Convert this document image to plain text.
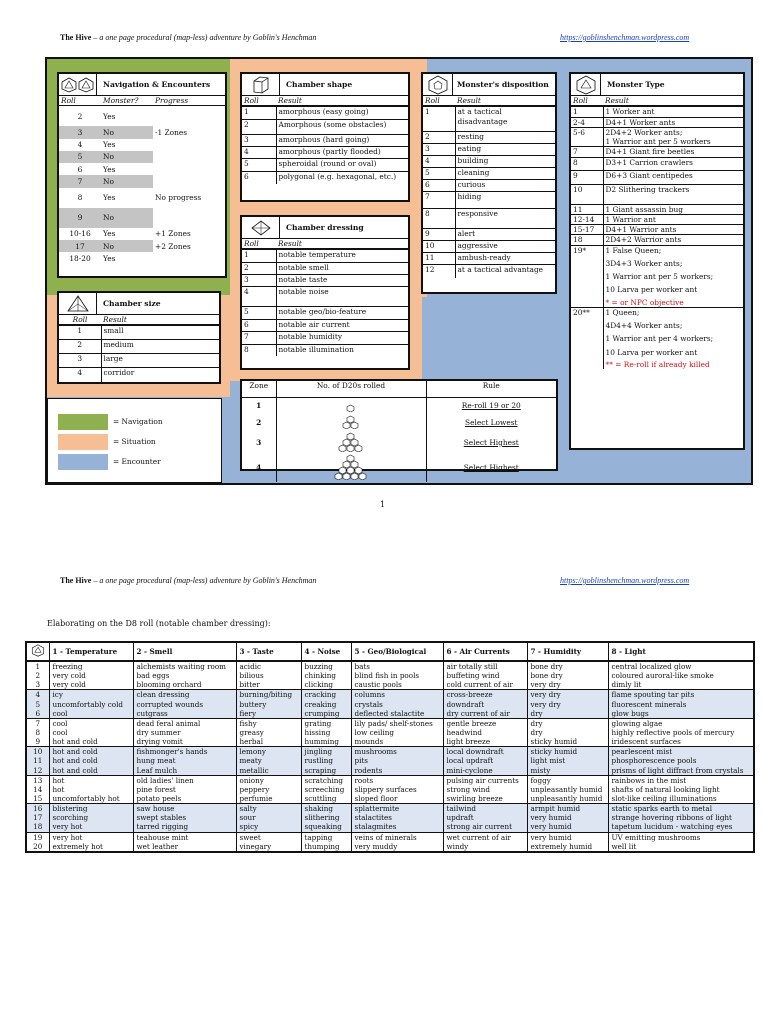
The Hive – a one page procedural (map-less) adventure by Goblin's Henchman	https://goblinshenchman.wordpress.com
Navigation & Encounters
Roll	Monster?	Progress
2	Yes	
3	No	-1 Zones
4	Yes	
5	No	
6	Yes	
7	No	
8	Yes	No progress
9	No	
10-16	Yes	+1 Zones
17	No	+2 Zones
18-20	Yes	
Chamber size
Roll	Result
1	small
2	medium
3	large
4	corridor
= Navigation
= Situation
= Encounter
Chamber shape
Roll	Result
1	amorphous (easy going)
2	Amorphous (some obstacles)
3	amorphous (hard going)
4	amorphous (partly flooded)
5	spheroidal (round or oval)
6	polygonal (e.g. hexagonal, etc.)
Chamber dressing
Roll	Result
1	notable temperature
2	notable smell
3	notable taste
4	notable noise
5	notable geo/bio-feature
6	notable air current
7	notable humidity
8	notable illumination
Zone	No. of D20s rolled	Rule
1		Re-roll 19 or 20
2		Select Lowest
3		Select Highest
4		Select Highest
Monster's disposition
Roll	Result
1	at a tactical disadvantage
2	resting
3	eating
4	building
5	cleaning
6	curious
7	hiding
8	responsive
9	alert
10	aggressive
11	ambush-ready
12	at a tactical advantage
Monster Type
Roll	Result
1	1 Worker ant

2-4	D4+1 Worker ants

5-6	2D4+2 Worker ants;
1 Warrior ant per 5 workers

7	D4+1 Giant fire beetles

8	D3+1 Carrion crawlers

9	D6+3 Giant centipedes

10	D2 Slithering trackers

11	1 Giant assassin bug

12-14	1 Warrior ant

15-17	D4+1 Warrior ants

18	2D4+2 Warrior ants

19*	1 False Queen;
3D4+3 Worker ants;
1 Warrior ant per 5 workers;
10 Larva per worker ant
* = or NPC objective

20**	1 Queen;
4D4+4 Worker ants;
1 Warrior ant per 4 workers;
10 Larva per worker ant
** = Re-roll if already killed
1
The Hive – a one page procedural (map-less) adventure by Goblin's Henchman	https://goblinshenchman.wordpress.com
Elaborating on the D8 roll (notable chamber dressing):
	1 - Temperature	2 - Smell	3 - Taste	4 - Noise	5 - Geo/Biological	6 - Air Currents	7 - Humidity	8 - Light
1	freezing	alchemists waiting room	acidic	buzzing	bats	air totally still	bone dry	central localized glow
2	very cold	bad eggs	bilious	chinking	blind fish in pools	buffeting wind	bone dry	coloured auroral-like smoke
3	very cold	blooming orchard	bitter	clicking	caustic pools	cold current of air	very dry	dimly lit
4	icy	clean dressing	burning/biting	cracking	columns	cross-breeze	very dry	flame spouting tar pits
5	uncomfortably cold	corrupted wounds	buttery	creaking	crystals	downdraft	very dry	fluorescent minerals
6	cool	cutgrass	fiery	crumping	deflected stalactite	dry current of air	dry	glow bugs
7	cool	dead feral animal	fishy	grating	lily pads/ shelf-stones	gentle breeze	dry	glowing algae
8	cool	dry summer	greasy	hissing	low ceiling	headwind	dry	highly reflective pools of mercury
9	hot and cold	drying vomit	herbal	humming	mounds	light breeze	sticky humid	iridescent surfaces
10	hot and cold	fishmonger's hands	lemony	jingling	mushrooms	local downdraft	sticky humid	pearlescent mist
11	hot and cold	hung meat	meaty	rustling	pits	local updraft	light mist	phosphorescence pools
12	hot and cold	Leaf mulch	metallic	scraping	rodents	mini-cyclone	misty	prisms of light diffract from crystals
13	hot	old ladies' linen	oniony	scratching	roots	pulsing air currents	foggy	rainbows in the mist
14	hot	pine forest	peppery	screeching	slippery surfaces	strong wind	unpleasantly humid	shafts of natural looking light
15	uncomfortably hot	potato peels	perfumie	scuttling	sloped floor	swirling breeze	unpleasantly humid	slot-like ceiling illuminations
16	blistering	saw house	salty	shaking	splattermite	tailwind	armpit humid	static sparks earth to metal
17	scorching	swept stables	sour	slithering	stalactites	updraft	very humid	strange hovering ribbons of light
18	very hot	tarred rigging	spicy	squeaking	stalagmites	strong air current	very humid	tapetum lucidum - watching eyes
19	very hot	teahouse mint	sweet	tapping	veins of minerals	wet current of air	very humid	UV emitting mushrooms
20	extremely hot	wet leather	vinegary	thumping	very muddy	windy	extremely humid	well lit
